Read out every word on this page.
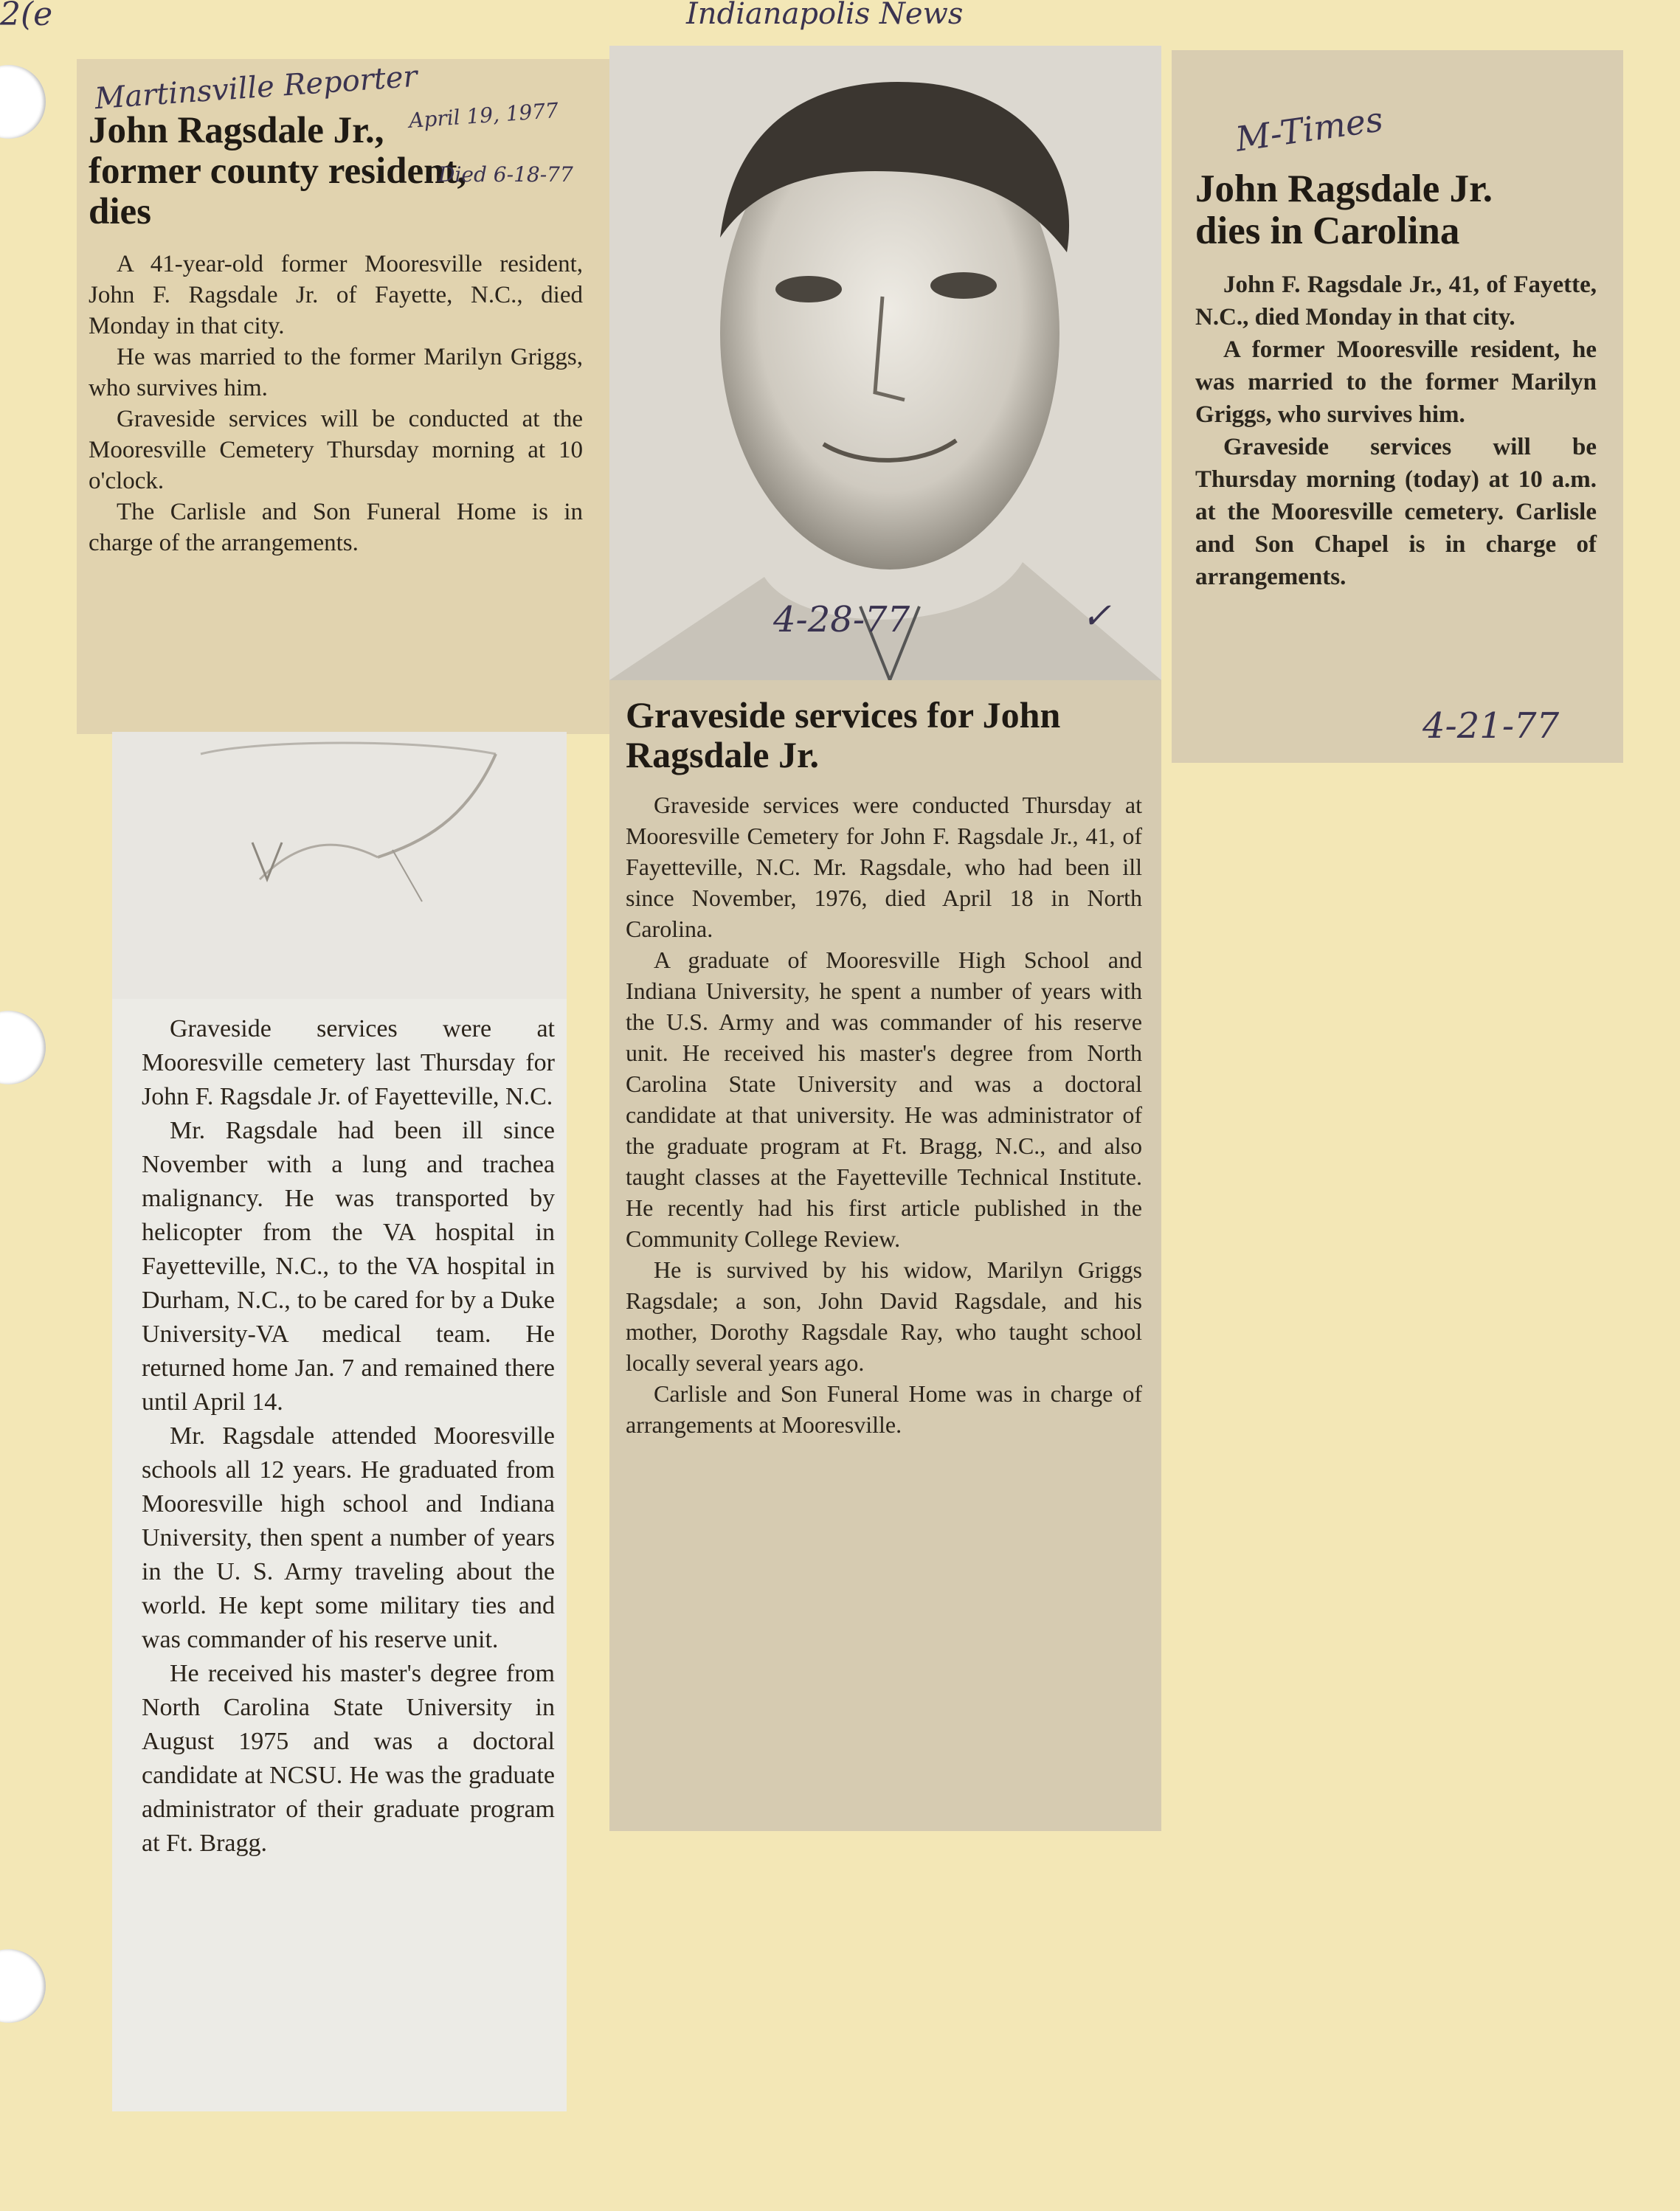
2(e	Indianapolis News
Martinsville Reporter
April 19, 1977
Died 6-18-77
John Ragsdale Jr., former county resident, dies

A 41-year-old former Mooresville resident, John F. Ragsdale Jr. of Fayette, N.C., died Monday in that city.

He was married to the former Marilyn Griggs, who survives him.

Graveside services will be conducted at the Mooresville Cemetery Thursday morning at 10 o'clock.

The Carlisle and Son Funeral Home is in charge of the arrangements.

Graveside services were at Mooresville cemetery last Thursday for John F. Ragsdale Jr. of Fayetteville, N.C.

Mr. Ragsdale had been ill since November with a lung and trachea malignancy. He was transported by helicopter from the VA hospital in Fayetteville, N.C., to the VA hospital in Durham, N.C., to be cared for by a Duke University-VA medical team. He returned home Jan. 7 and remained there until April 14.

Mr. Ragsdale attended Mooresville schools all 12 years. He graduated from Mooresville high school and Indiana University, then spent a number of years in the U. S. Army traveling about the world. He kept some military ties and was commander of his reserve unit.

He received his master's degree from North Carolina State University in August 1975 and was a doctoral candidate at NCSU. He was the graduate administrator of their graduate program at Ft. Bragg.

4-28-77	✓
Graveside services for John Ragsdale Jr.

Graveside services were conducted Thursday at Mooresville Cemetery for John F. Ragsdale Jr., 41, of Fayetteville, N.C. Mr. Ragsdale, who had been ill since November, 1976, died April 18 in North Carolina.

A graduate of Mooresville High School and Indiana University, he spent a number of years with the U.S. Army and was commander of his reserve unit. He received his master's degree from North Carolina State University and was a doctoral candidate at that university. He was administrator of the graduate program at Ft. Bragg, N.C., and also taught classes at the Fayetteville Technical Institute. He recently had his first article published in the Community College Review.

He is survived by his widow, Marilyn Griggs Ragsdale; a son, John David Ragsdale, and his mother, Dorothy Ragsdale Ray, who taught school locally several years ago.

Carlisle and Son Funeral Home was in charge of arrangements at Mooresville.

M-Times
John Ragsdale Jr. dies in Carolina

John F. Ragsdale Jr., 41, of Fayette, N.C., died Monday in that city.

A former Mooresville resident, he was married to the former Marilyn Griggs, who survives him.

Graveside services will be Thursday morning (today) at 10 a.m. at the Mooresville cemetery. Carlisle and Son Chapel is in charge of arrangements.

4-21-77
